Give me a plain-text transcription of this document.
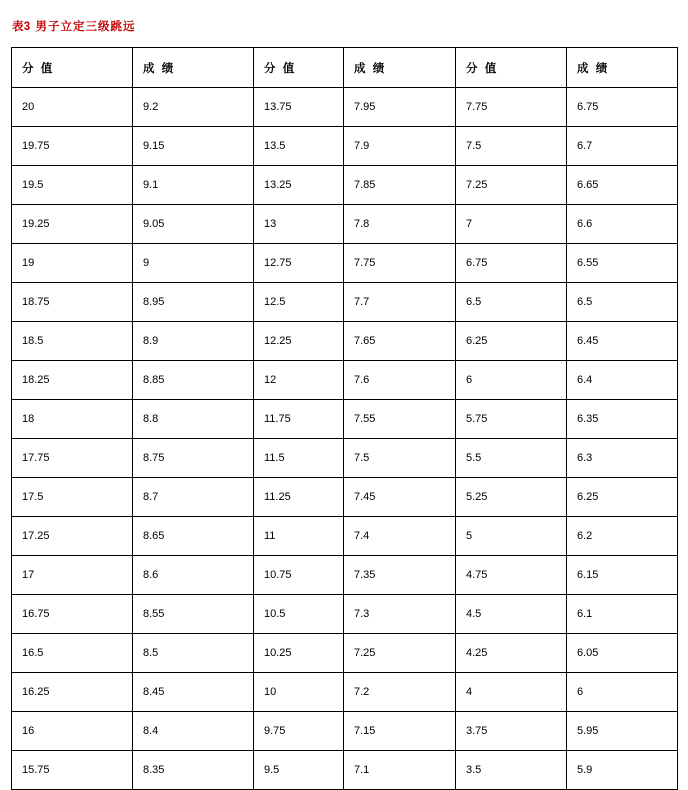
表3 男子立定三级跳远
分 值	成 绩	分 值	成 绩	分 值	成 绩
20	9.2	13.75	7.95	7.75	6.75
19.75	9.15	13.5	7.9	7.5	6.7
19.5	9.1	13.25	7.85	7.25	6.65
19.25	9.05	13	7.8	7	6.6
19	9	12.75	7.75	6.75	6.55
18.75	8.95	12.5	7.7	6.5	6.5
18.5	8.9	12.25	7.65	6.25	6.45
18.25	8.85	12	7.6	6	6.4
18	8.8	11.75	7.55	5.75	6.35
17.75	8.75	11.5	7.5	5.5	6.3
17.5	8.7	11.25	7.45	5.25	6.25
17.25	8.65	11	7.4	5	6.2
17	8.6	10.75	7.35	4.75	6.15
16.75	8.55	10.5	7.3	4.5	6.1
16.5	8.5	10.25	7.25	4.25	6.05
16.25	8.45	10	7.2	4	6
16	8.4	9.75	7.15	3.75	5.95
15.75	8.35	9.5	7.1	3.5	5.9
